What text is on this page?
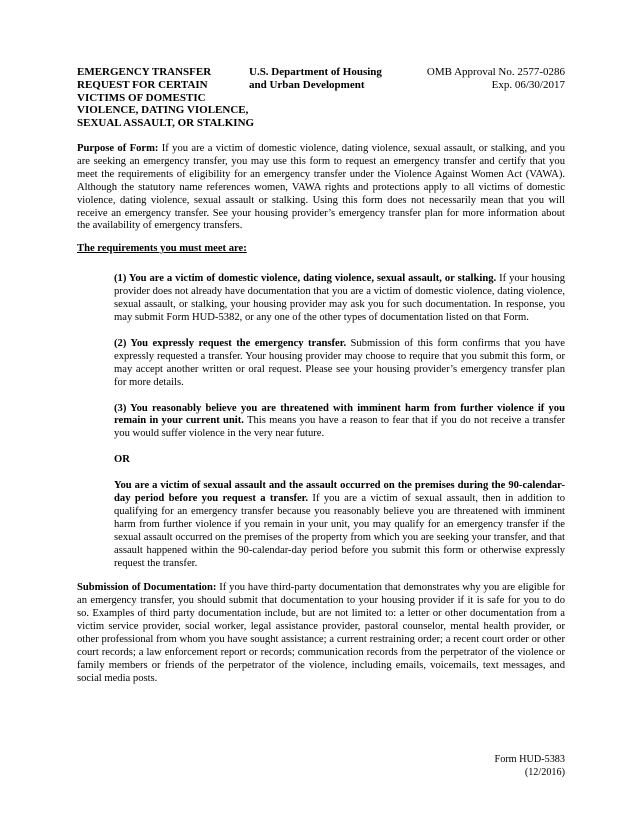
EMERGENCY TRANSFER
REQUEST FOR CERTAIN
VICTIMS OF DOMESTIC
VIOLENCE, DATING VIOLENCE,
SEXUAL ASSAULT, OR STALKING
U.S. Department of Housing
and Urban Development
OMB Approval No. 2577-0286
Exp. 06/30/2017

Purpose of Form: If you are a victim of domestic violence, dating violence, sexual assault, or stalking, and you are seeking an emergency transfer, you may use this form to request an emergency transfer and certify that you meet the requirements of eligibility for an emergency transfer under the Violence Against Women Act (VAWA). Although the statutory name references women, VAWA rights and protections apply to all victims of domestic violence, dating violence, sexual assault or stalking. Using this form does not necessarily mean that you will receive an emergency transfer. See your housing provider’s emergency transfer plan for more information about the availability of emergency transfers.

The requirements you must meet are:

(1) You are a victim of domestic violence, dating violence, sexual assault, or stalking. If your housing provider does not already have documentation that you are a victim of domestic violence, dating violence, sexual assault, or stalking, your housing provider may ask you for such documentation. In response, you may submit Form HUD-5382, or any one of the other types of documentation listed on that Form.

(2) You expressly request the emergency transfer. Submission of this form confirms that you have expressly requested a transfer. Your housing provider may choose to require that you submit this form, or may accept another written or oral request. Please see your housing provider’s emergency transfer plan for more details.

(3) You reasonably believe you are threatened with imminent harm from further violence if you remain in your current unit. This means you have a reason to fear that if you do not receive a transfer you would suffer violence in the very near future.

OR

You are a victim of sexual assault and the assault occurred on the premises during the 90-calendar-day period before you request a transfer. If you are a victim of sexual assault, then in addition to qualifying for an emergency transfer because you reasonably believe you are threatened with imminent harm from further violence if you remain in your unit, you may qualify for an emergency transfer if the sexual assault occurred on the premises of the property from which you are seeking your transfer, and that assault happened within the 90-calendar-day period before you submit this form or otherwise expressly request the transfer.

Submission of Documentation: If you have third-party documentation that demonstrates why you are eligible for an emergency transfer, you should submit that documentation to your housing provider if it is safe for you to do so. Examples of third party documentation include, but are not limited to: a letter or other documentation from a victim service provider, social worker, legal assistance provider, pastoral counselor, mental health provider, or other professional from whom you have sought assistance; a current restraining order; a recent court order or other court records; a law enforcement report or records; communication records from the perpetrator of the violence or family members or friends of the perpetrator of the violence, including emails, voicemails, text messages, and social media posts.

Form HUD-5383
(12/2016)
